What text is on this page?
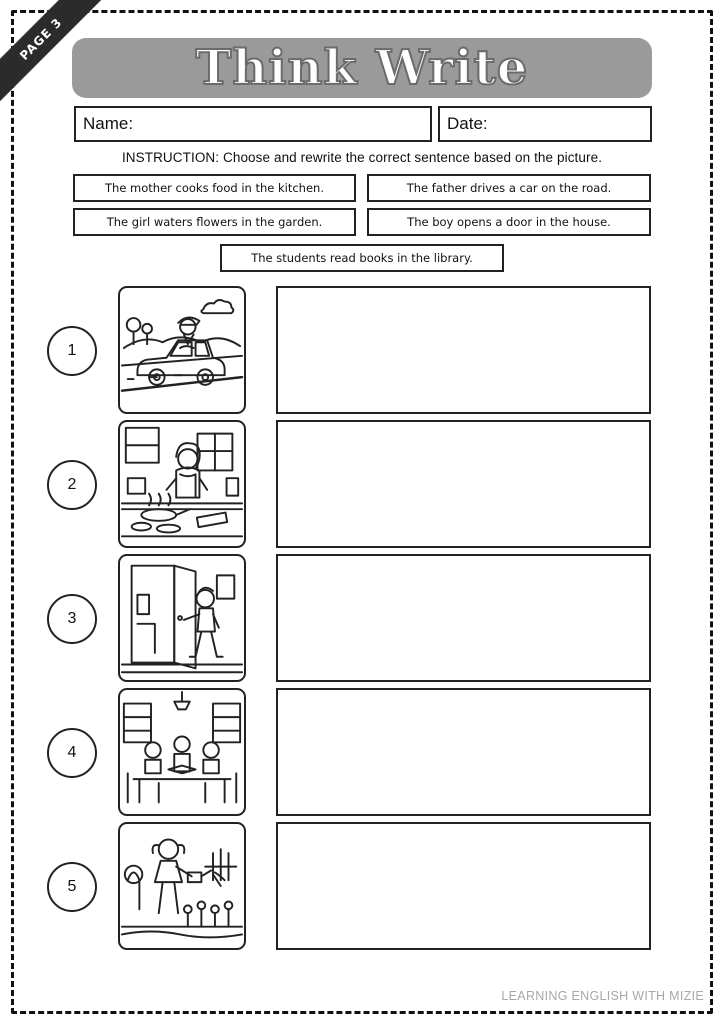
PAGE 3
Think Write
Name:	Date:
INSTRUCTION: Choose and rewrite the correct sentence based on the picture.
The mother cooks food in the kitchen.	The father drives a car on the road.
The girl waters flowers in the garden.	The boy opens a door in the house.
The students read books in the library.
1
2
3
4
5
LEARNING ENGLISH WITH MIZIE
